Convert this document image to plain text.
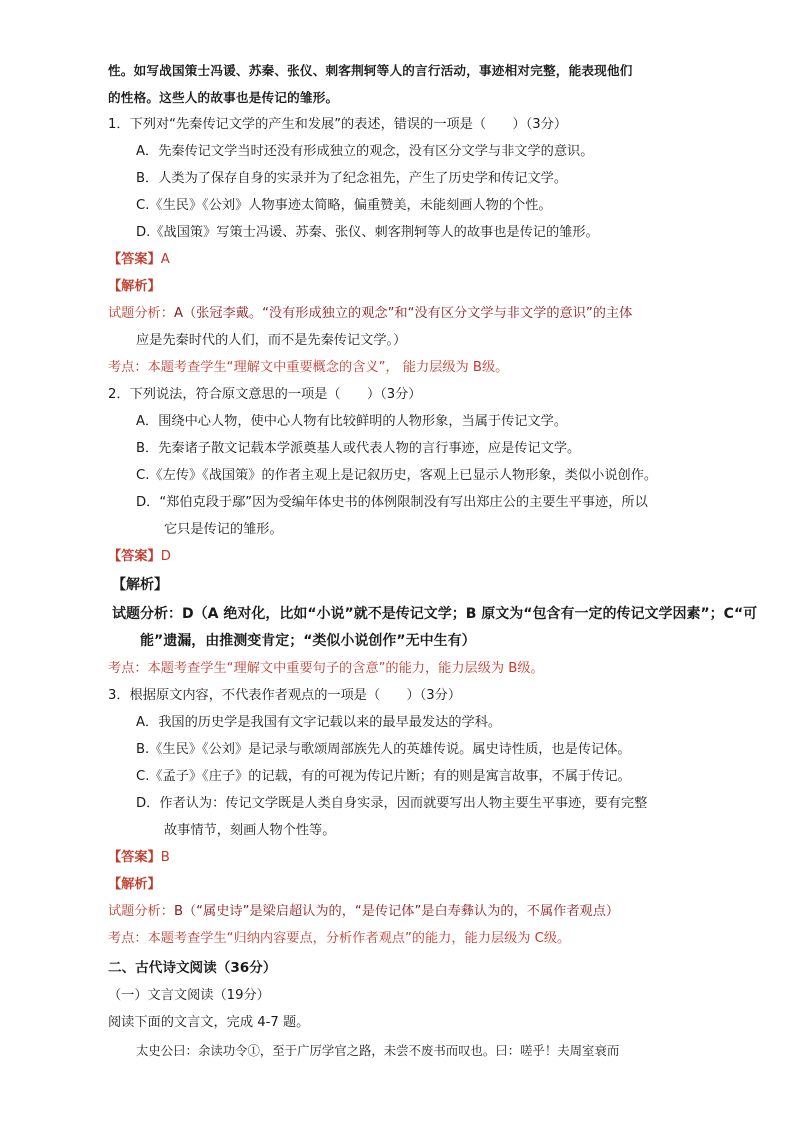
性。如写战国策士冯谖、苏秦、张仪、刺客荆轲等人的言行活动，事迹相对完整，能表现他们
的性格。这些人的故事也是传记的雏形。
1．下列对“先秦传记文学的产生和发展”的表述，错误的一项是（　　）（3分）
A．先秦传记文学当时还没有形成独立的观念，没有区分文学与非文学的意识。
B．人类为了保存自身的实录并为了纪念祖先，产生了历史学和传记文学。
C.《生民》《公刘》人物事迹太简略，偏重赞美，未能刻画人物的个性。
D.《战国策》写策士冯谖、苏秦、张仪、刺客荆轲等人的故事也是传记的雏形。
【答案】A
【解析】
试题分析：A（张冠李戴。“没有形成独立的观念”和“没有区分文学与非文学的意识”的主体
应是先秦时代的人们，而不是先秦传记文学。）
考点：本题考查学生“理解文中重要概念的含义”， 能力层级为 B级。
2．下列说法，符合原文意思的一项是（　　）（3分）
A．围绕中心人物，使中心人物有比较鲜明的人物形象，当属于传记文学。
B．先秦诸子散文记载本学派奠基人或代表人物的言行事迹，应是传记文学。
C.《左传》《战国策》的作者主观上是记叙历史，客观上已显示人物形象，类似小说创作。
D．“郑伯克段于鄢”因为受编年体史书的体例限制没有写出郑庄公的主要生平事迹，所以
它只是传记的雏形。
【答案】D
【解析】
试题分析：D（A 绝对化，比如“小说”就不是传记文学；B 原文为“包含有一定的传记文学因素”；C“可
能”遗漏，由推测变肯定；“类似小说创作”无中生有）
考点：本题考查学生“理解文中重要句子的含意”的能力，能力层级为 B级。
3．根据原文内容，不代表作者观点的一项是（　　）（3分）
A．我国的历史学是我国有文字记载以来的最早最发达的学科。
B.《生民》《公刘》是记录与歌颂周部族先人的英雄传说。属史诗性质，也是传记体。
C.《孟子》《庄子》的记载，有的可视为传记片断；有的则是寓言故事，不属于传记。
D．作者认为：传记文学既是人类自身实录，因而就要写出人物主要生平事迹，要有完整
故事情节，刻画人物个性等。
【答案】B
【解析】
试题分析：B（“属史诗”是梁启超认为的，“是传记体”是白寿彝认为的，不属作者观点）
考点：本题考查学生“归纳内容要点，分析作者观点”的能力，能力层级为 C级。
二、古代诗文阅读（36分）
（一）文言文阅读（19分）
阅读下面的文言文，完成 4-7 题。
太史公曰：余读功令①，至于广厉学官之路，未尝不废书而叹也。曰：嗟乎！夫周室衰而
